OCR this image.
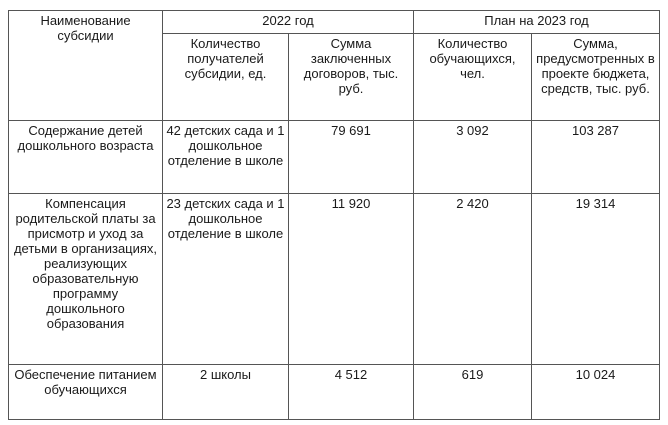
Наименование субсидии	2022 год		План на 2023 год	
	Количество получателей субсидии, ед.	Сумма заключенных договоров, тыс. руб.	Количество обучающихся, чел.	Сумма, предусмотренных в проекте бюджета, средств, тыс. руб.
Содержание детей дошкольного возраста	42 детских сада и 1 дошкольное отделение в школе	79 691	3 092	103 287
Компенсация родительской платы за присмотр и уход за детьми в организациях, реализующих образовательную программу дошкольного образования	23 детских сада и 1 дошкольное отделение в школе	11 920	2 420	19 314
Обеспечение питанием обучающихся	2 школы	4 512	619	10 024
